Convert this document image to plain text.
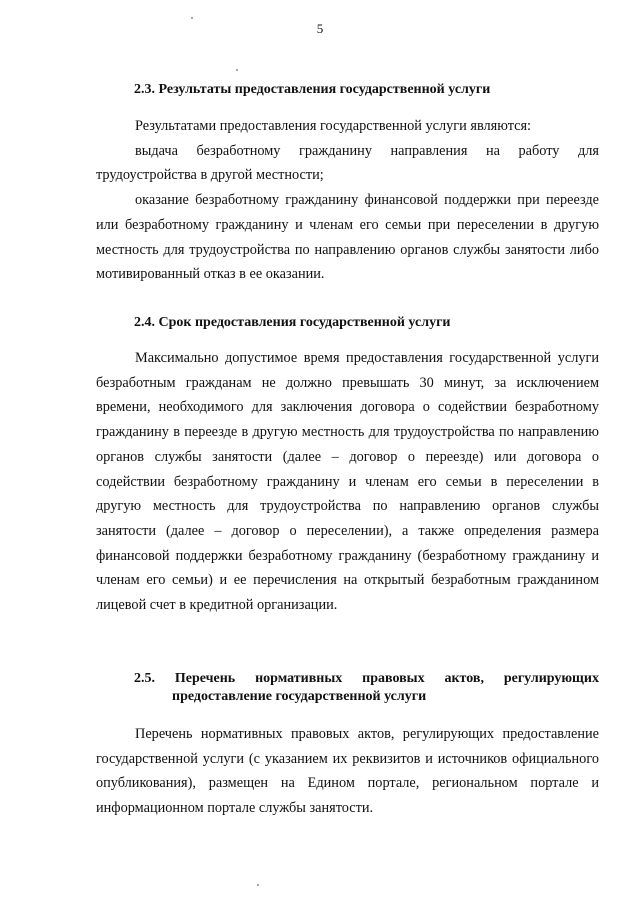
5
2.3. Результаты предоставления государственной услуги

Результатами предоставления государственной услуги являются:

выдача безработному гражданину направления на работу для трудоустройства в другой местности;

оказание безработному гражданину финансовой поддержки при переезде или безработному гражданину и членам его семьи при переселении в другую местность для трудоустройства по направлению органов службы занятости либо мотивированный отказ в ее оказании.

2.4. Срок предоставления государственной услуги

Максимально допустимое время предоставления государственной услуги безработным гражданам не должно превышать 30 минут, за исключением времени, необходимого для заключения договора о содействии безработному гражданину в переезде в другую местность для трудоустройства по направлению органов службы занятости (далее – договор о переезде) или договора о содействии безработному гражданину и членам его семьи в переселении в другую местность для трудоустройства по направлению органов службы занятости (далее – договор о переселении), а также определения размера финансовой поддержки безработному гражданину (безработному гражданину и членам его семьи) и ее перечисления на открытый безработным гражданином лицевой счет в кредитной организации.

2.5. Перечень нормативных правовых актов, регулирующих
предоставление государственной услуги

Перечень нормативных правовых актов, регулирующих предоставление государственной услуги (с указанием их реквизитов и источников официального опубликования), размещен на Едином портале, региональном портале и информационном портале службы занятости.
